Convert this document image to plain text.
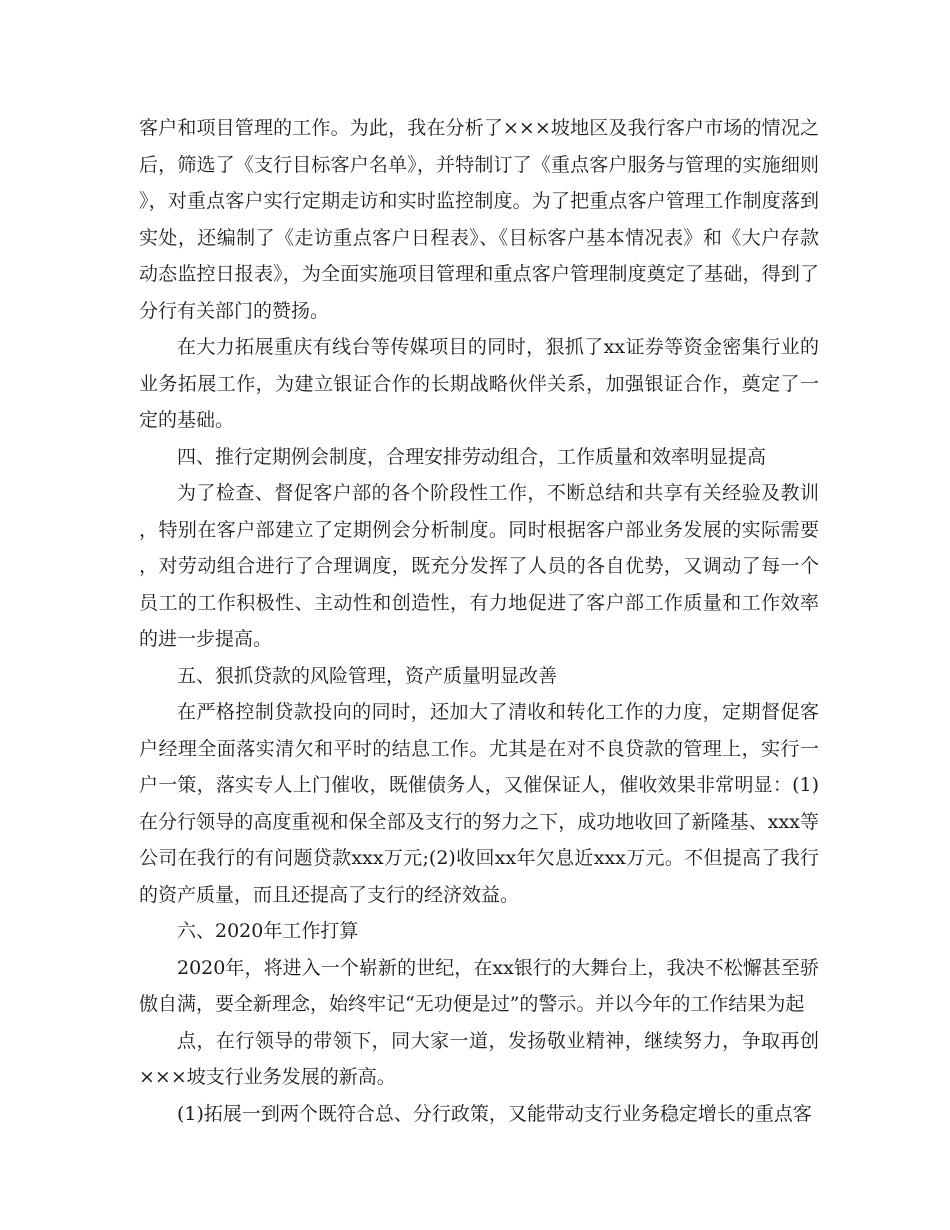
客户和项目管理的工作。为此，我在分析了×××坡地区及我行客户市场的情况之后，筛选了《支行目标客户名单》，并特制订了《重点客户服务与管理的实施细则》，对重点客户实行定期走访和实时监控制度。为了把重点客户管理工作制度落到实处，还编制了《走访重点客户日程表》、《目标客户基本情况表》和《大户存款动态监控日报表》，为全面实施项目管理和重点客户管理制度奠定了基础，得到了分行有关部门的赞扬。

在大力拓展重庆有线台等传媒项目的同时，狠抓了xx证券等资金密集行业的业务拓展工作，为建立银证合作的长期战略伙伴关系，加强银证合作，奠定了一定的基础。

四、推行定期例会制度，合理安排劳动组合，工作质量和效率明显提高

为了检查、督促客户部的各个阶段性工作，不断总结和共享有关经验及教训，特别在客户部建立了定期例会分析制度。同时根据客户部业务发展的实际需要，对劳动组合进行了合理调度，既充分发挥了人员的各自优势，又调动了每一个员工的工作积极性、主动性和创造性，有力地促进了客户部工作质量和工作效率的进一步提高。

五、狠抓贷款的风险管理，资产质量明显改善

在严格控制贷款投向的同时，还加大了清收和转化工作的力度，定期督促客户经理全面落实清欠和平时的结息工作。尤其是在对不良贷款的管理上，实行一户一策，落实专人上门催收，既催债务人，又催保证人，催收效果非常明显：(1)在分行领导的高度重视和保全部及支行的努力之下，成功地收回了新隆基、xxx等公司在我行的有问题贷款xxx万元;(2)收回xx年欠息近xxx万元。不但提高了我行的资产质量，而且还提高了支行的经济效益。

六、2020年工作打算

2020年，将进入一个崭新的世纪，在xx银行的大舞台上，我决不松懈甚至骄傲自满，要全新理念，始终牢记“无功便是过”的警示。并以今年的工作结果为起

点，在行领导的带领下，同大家一道，发扬敬业精神，继续努力，争取再创×××坡支行业务发展的新高。

(1)拓展一到两个既符合总、分行政策，又能带动支行业务稳定增长的重点客
